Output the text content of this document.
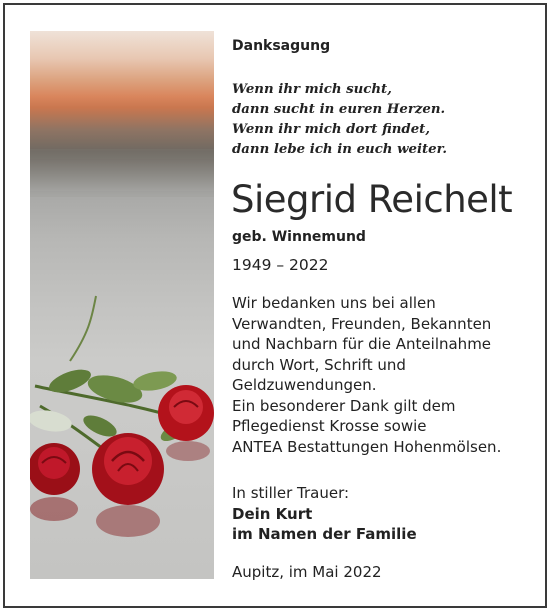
Danksagung
Wenn ihr mich sucht,
dann sucht in euren Herzen.
Wenn ihr mich dort findet,
dann lebe ich in euch weiter.
Siegrid Reichelt
geb. Winnemund
1949 – 2022
Wir bedanken uns bei allen
Verwandten, Freunden, Bekannten
und Nachbarn für die Anteilnahme
durch Wort, Schrift und
Geldzuwendungen.
Ein besonderer Dank gilt dem
Pflegedienst Krosse sowie
ANTEA Bestattungen Hohenmölsen.
In stiller Trauer:
Dein Kurt
im Namen der Familie
Aupitz, im Mai 2022
